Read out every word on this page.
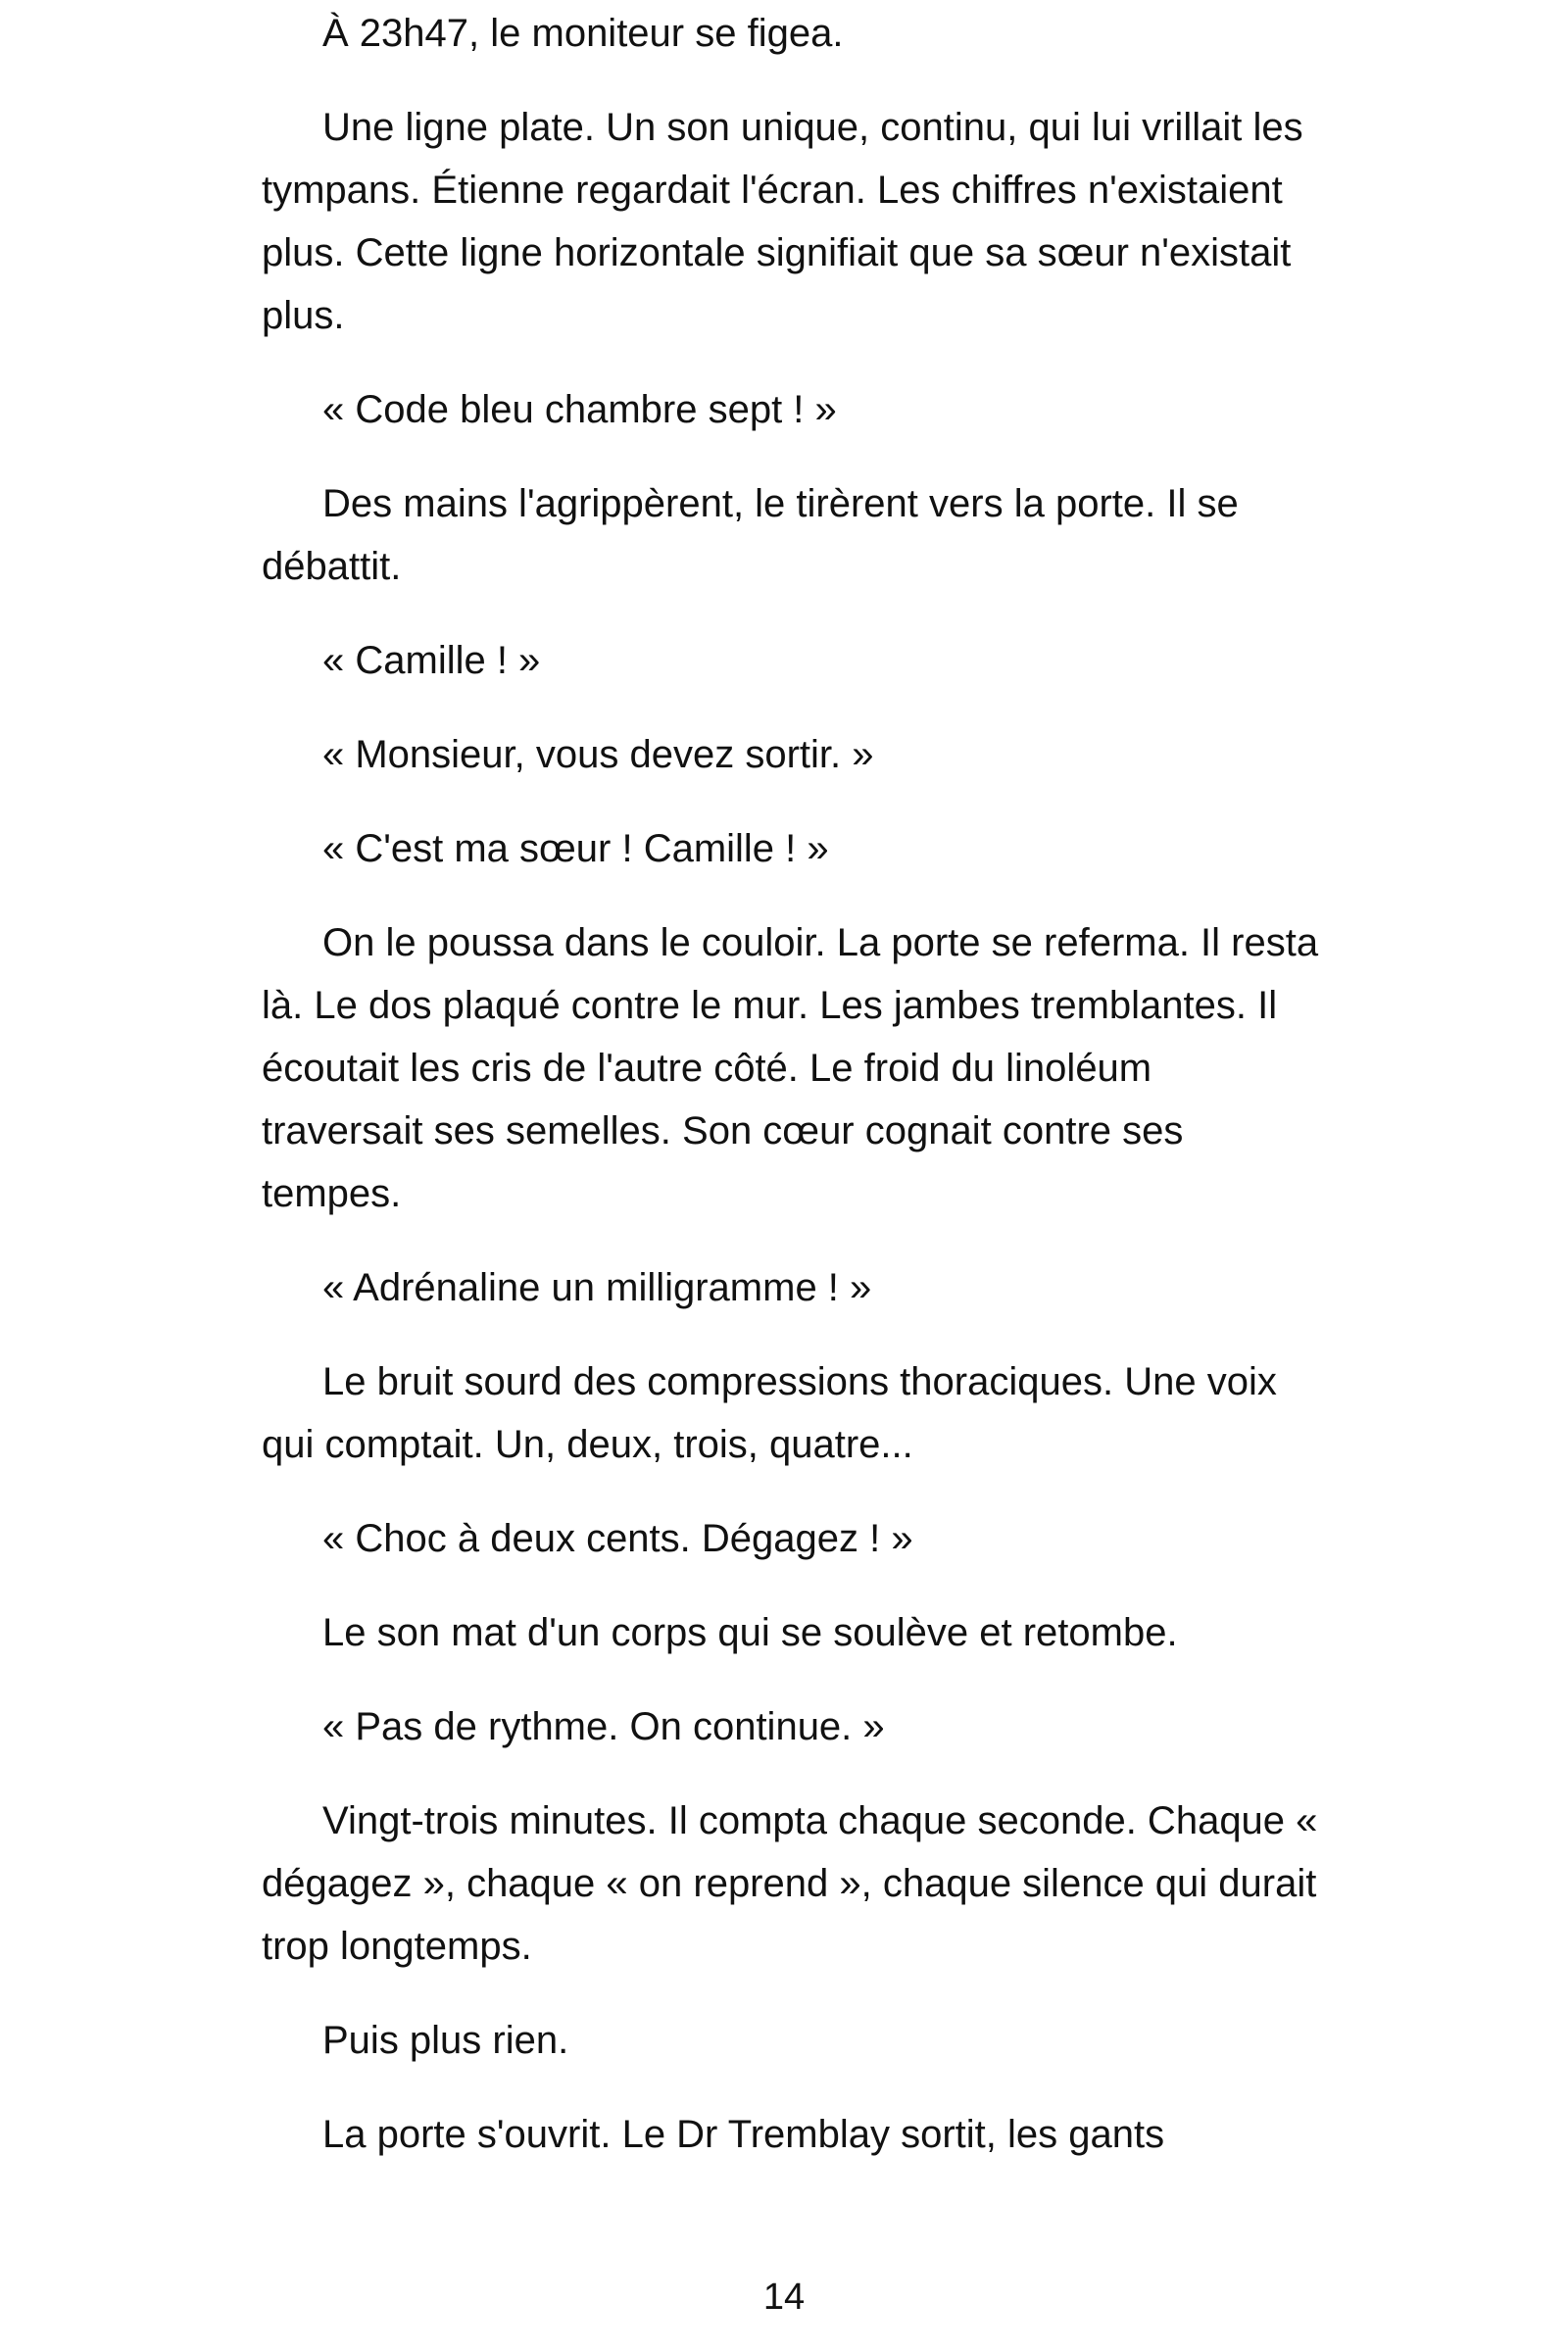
À 23h47, le moniteur se figea.

Une ligne plate. Un son unique, continu, qui lui vrillait les tympans. Étienne regardait l'écran. Les chiffres n'existaient plus. Cette ligne horizontale signifiait que sa sœur n'existait plus.

« Code bleu chambre sept ! »

Des mains l'agrippèrent, le tirèrent vers la porte. Il se débattit.

« Camille ! »

« Monsieur, vous devez sortir. »

« C'est ma sœur ! Camille ! »

On le poussa dans le couloir. La porte se referma. Il resta là. Le dos plaqué contre le mur. Les jambes tremblantes. Il écoutait les cris de l'autre côté. Le froid du linoléum traversait ses semelles. Son cœur cognait contre ses tempes.

« Adrénaline un milligramme ! »

Le bruit sourd des compressions thoraciques. Une voix qui comptait. Un, deux, trois, quatre...

« Choc à deux cents. Dégagez ! »

Le son mat d'un corps qui se soulève et retombe.

« Pas de rythme. On continue. »

Vingt-trois minutes. Il compta chaque seconde. Chaque « dégagez », chaque « on reprend », chaque silence qui durait trop longtemps.

Puis plus rien.

La porte s'ouvrit. Le Dr Tremblay sortit, les gants

14
